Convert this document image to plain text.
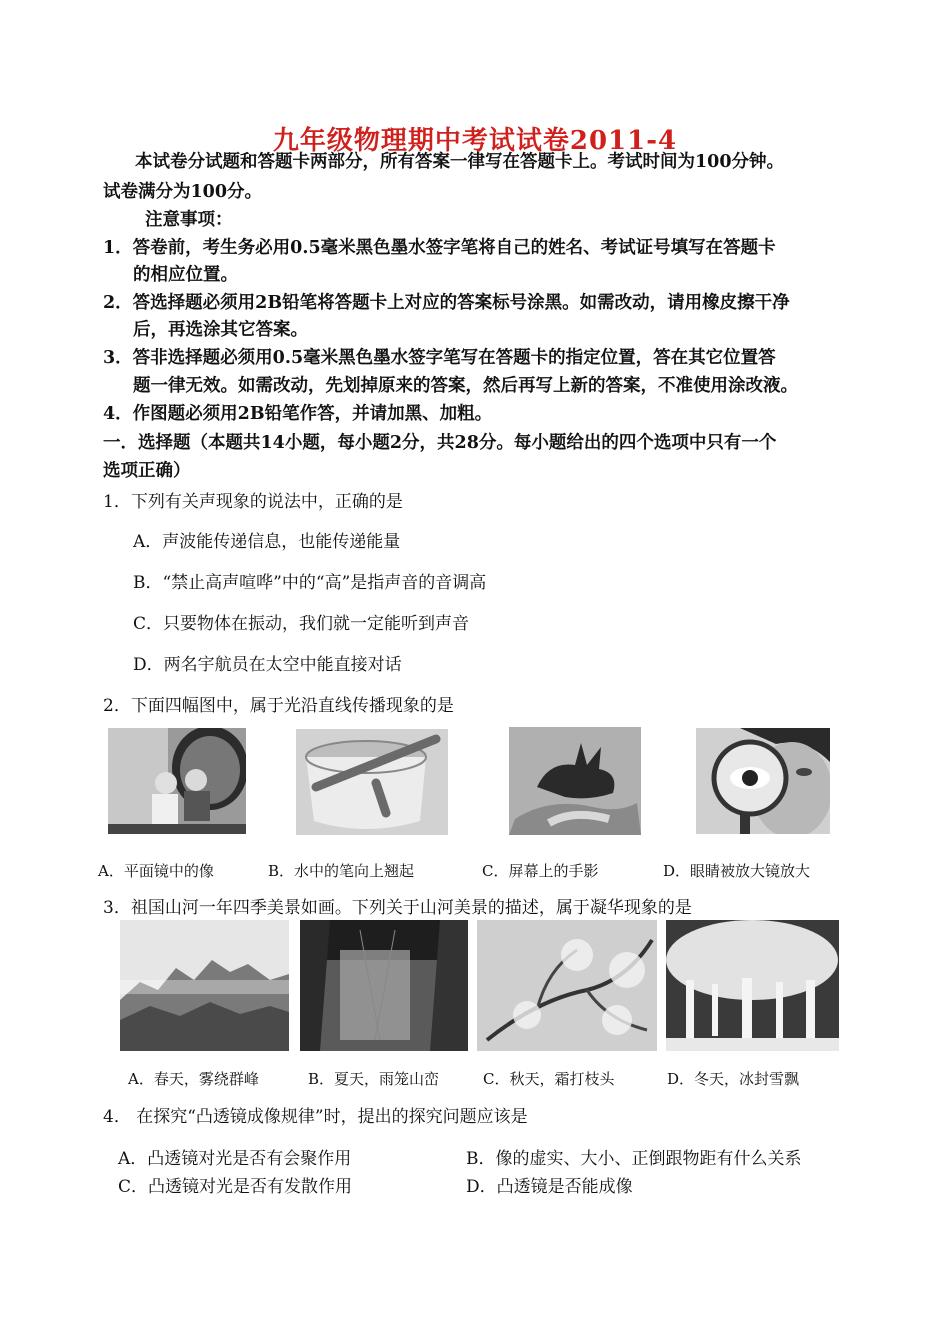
九年级物理期中考试试卷2011-4
本试卷分试题和答题卡两部分，所有答案一律写在答题卡上。考试时间为100分钟。
试卷满分为100分。
注意事项：
1．答卷前，考生务必用0.5毫米黑色墨水签字笔将自己的姓名、考试证号填写在答题卡
的相应位置。
2．答选择题必须用2B铅笔将答题卡上对应的答案标号涂黑。如需改动，请用橡皮擦干净
后，再选涂其它答案。
3．答非选择题必须用0.5毫米黑色墨水签字笔写在答题卡的指定位置，答在其它位置答
题一律无效。如需改动，先划掉原来的答案，然后再写上新的答案，不准使用涂改液。
4．作图题必须用2B铅笔作答，并请加黑、加粗。
一．选择题（本题共14小题，每小题2分，共28分。每小题给出的四个选项中只有一个
选项正确）
1．下列有关声现象的说法中，正确的是
A．声波能传递信息，也能传递能量
B．“禁止高声喧哗”中的“高”是指声音的音调高
C．只要物体在振动，我们就一定能听到声音
D．两名宇航员在太空中能直接对话
2．下面四幅图中，属于光沿直线传播现象的是
A．平面镜中的像	B．水中的笔向上翘起	C．屏幕上的手影	D．眼睛被放大镜放大
3．祖国山河一年四季美景如画。下列关于山河美景的描述，属于凝华现象的是
A．春天，雾绕群峰	B．夏天，雨笼山峦	C．秋天，霜打枝头	D．冬天，冰封雪飘
4． 在探究“凸透镜成像规律”时，提出的探究问题应该是
A．凸透镜对光是否有会聚作用	B．像的虚实、大小、正倒跟物距有什么关系
C．凸透镜对光是否有发散作用	D．凸透镜是否能成像
